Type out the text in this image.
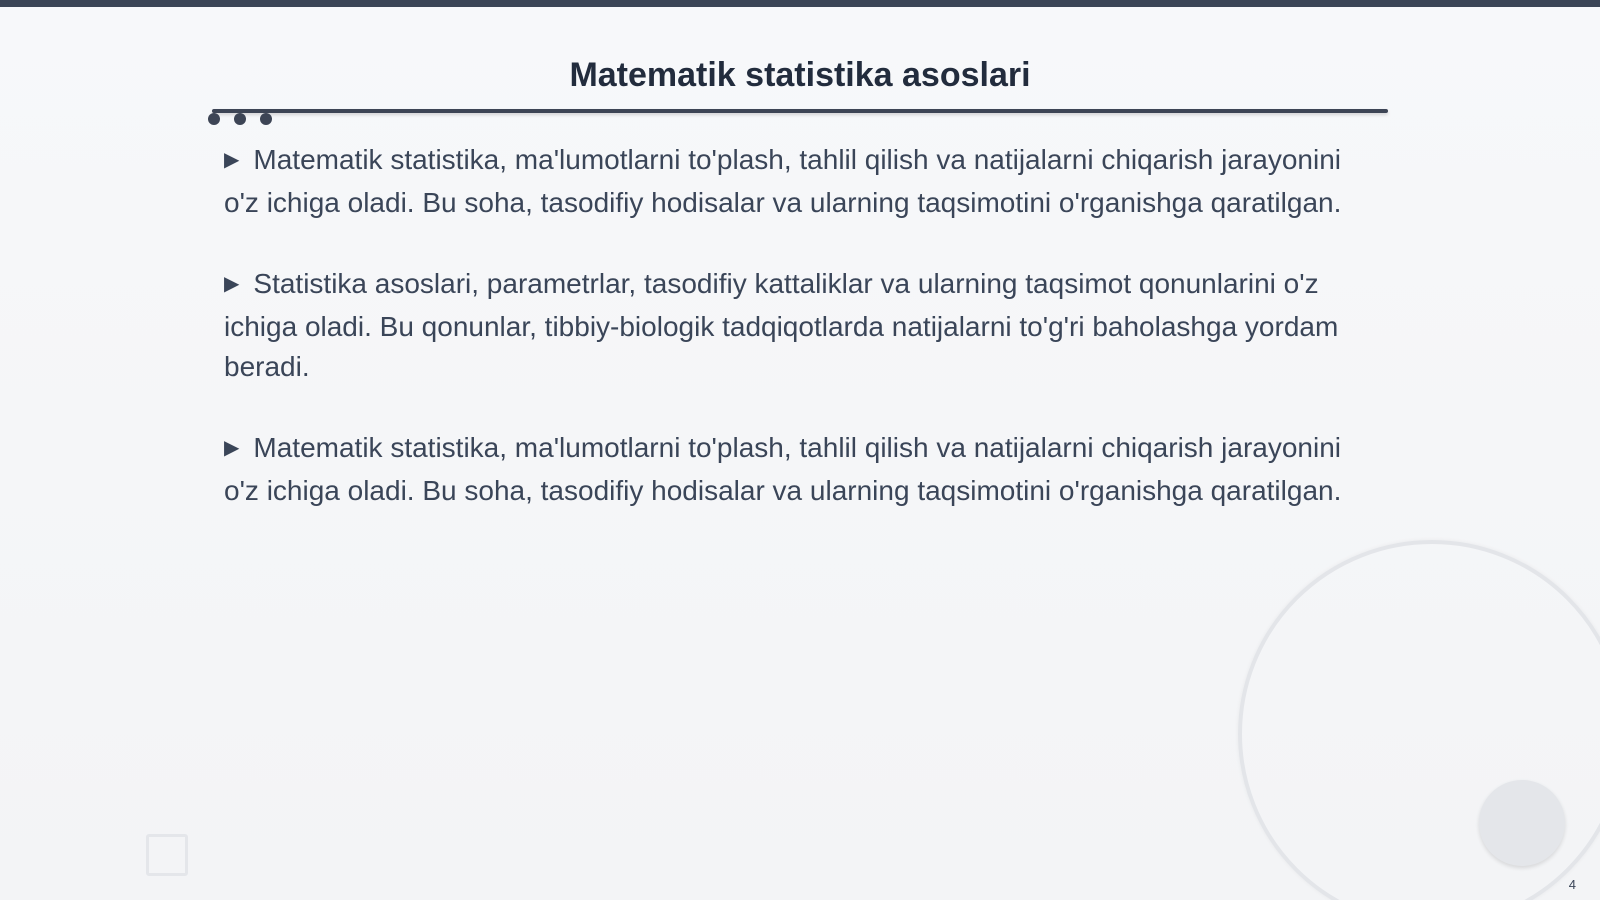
Matematik statistika asoslari

▶ Matematik statistika, ma'lumotlarni to'plash, tahlil qilish va natijalarni chiqarish jarayonini o'z ichiga oladi. Bu soha, tasodifiy hodisalar va ularning taqsimotini o'rganishga qaratilgan.

▶ Statistika asoslari, parametrlar, tasodifiy kattaliklar va ularning taqsimot qonunlarini o'z ichiga oladi. Bu qonunlar, tibbiy-biologik tadqiqotlarda natijalarni to'g'ri baholashga yordam beradi.

▶ Matematik statistika, ma'lumotlarni to'plash, tahlil qilish va natijalarni chiqarish jarayonini o'z ichiga oladi. Bu soha, tasodifiy hodisalar va ularning taqsimotini o'rganishga qaratilgan.

4
